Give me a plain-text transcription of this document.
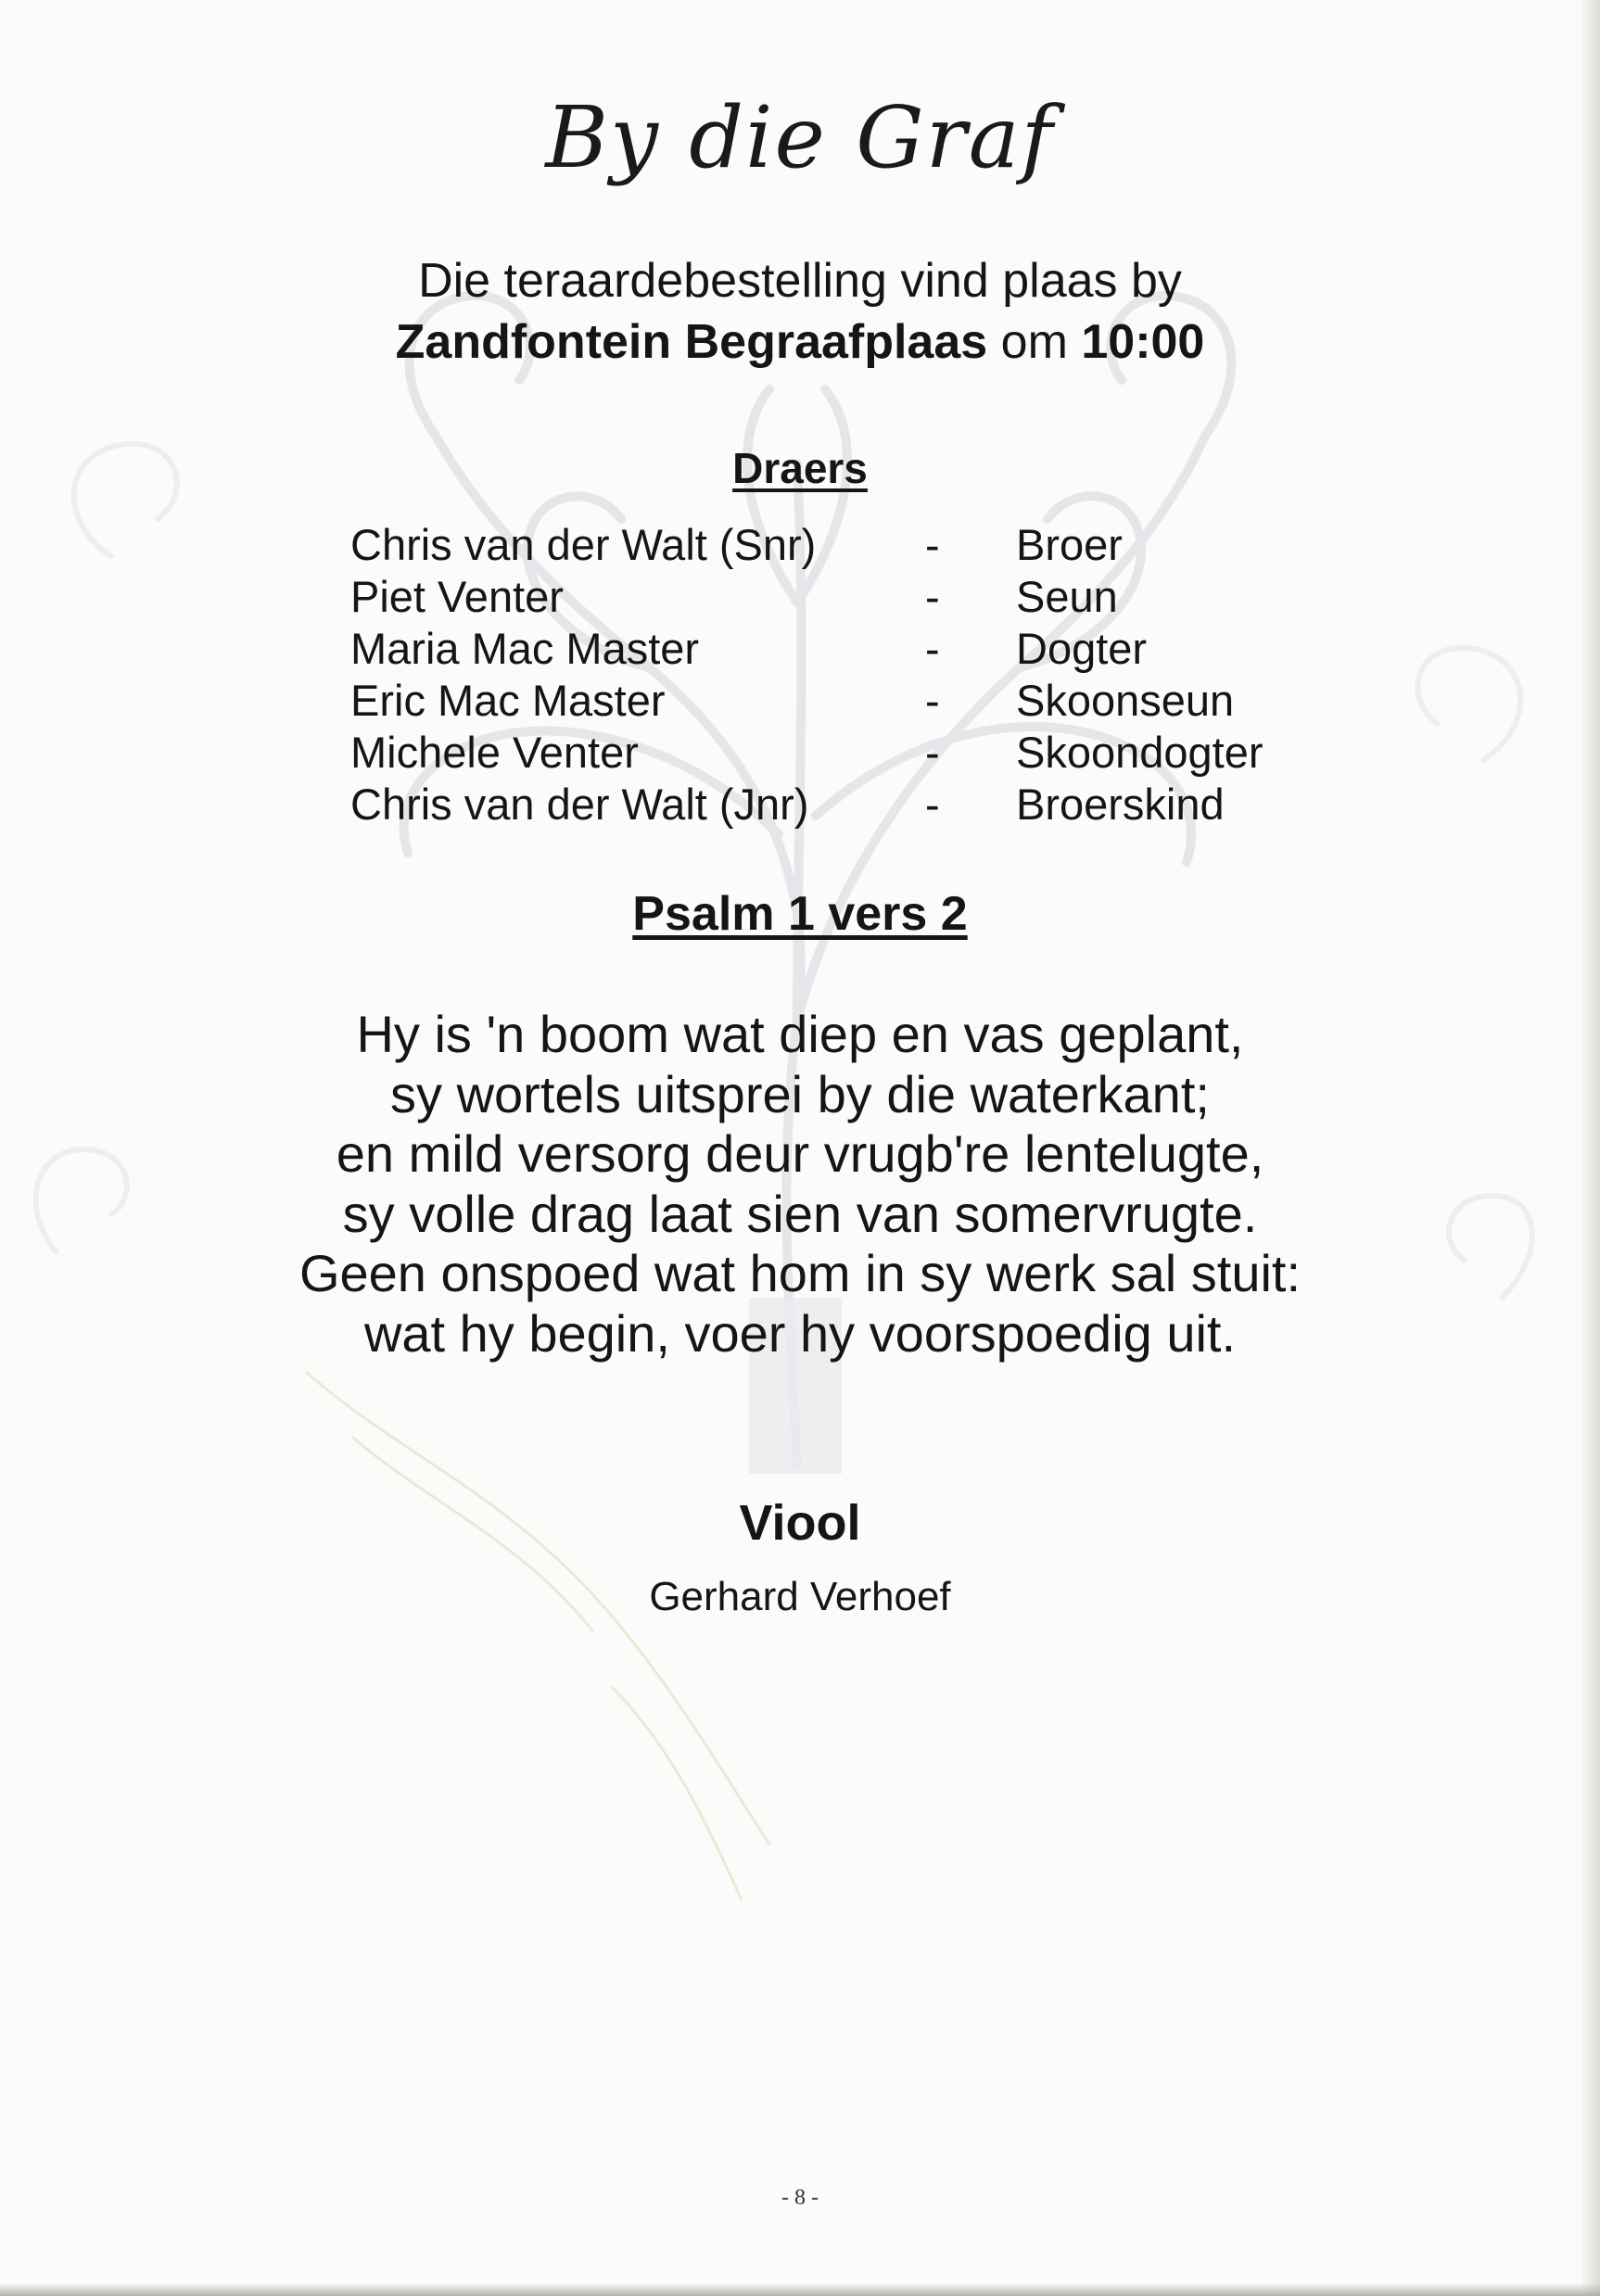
By die Graf
Die teraardebestelling vind plaas by
Zandfontein Begraafplaas om 10:00
Draers
Chris van der Walt (Snr)	- Broer
Piet Venter	- Seun
Maria Mac Master	- Dogter
Eric Mac Master	- Skoonseun
Michele Venter	- Skoondogter
Chris van der Walt (Jnr)	- Broerskind
Psalm 1 vers 2
Hy is 'n boom wat diep en vas geplant,
sy wortels uitsprei by die waterkant;
en mild versorg deur vrugb're lentelugte,
sy volle drag laat sien van somervrugte.
Geen onspoed wat hom in sy werk sal stuit:
wat hy begin, voer hy voorspoedig uit.
Viool
Gerhard Verhoef
- 8 -
